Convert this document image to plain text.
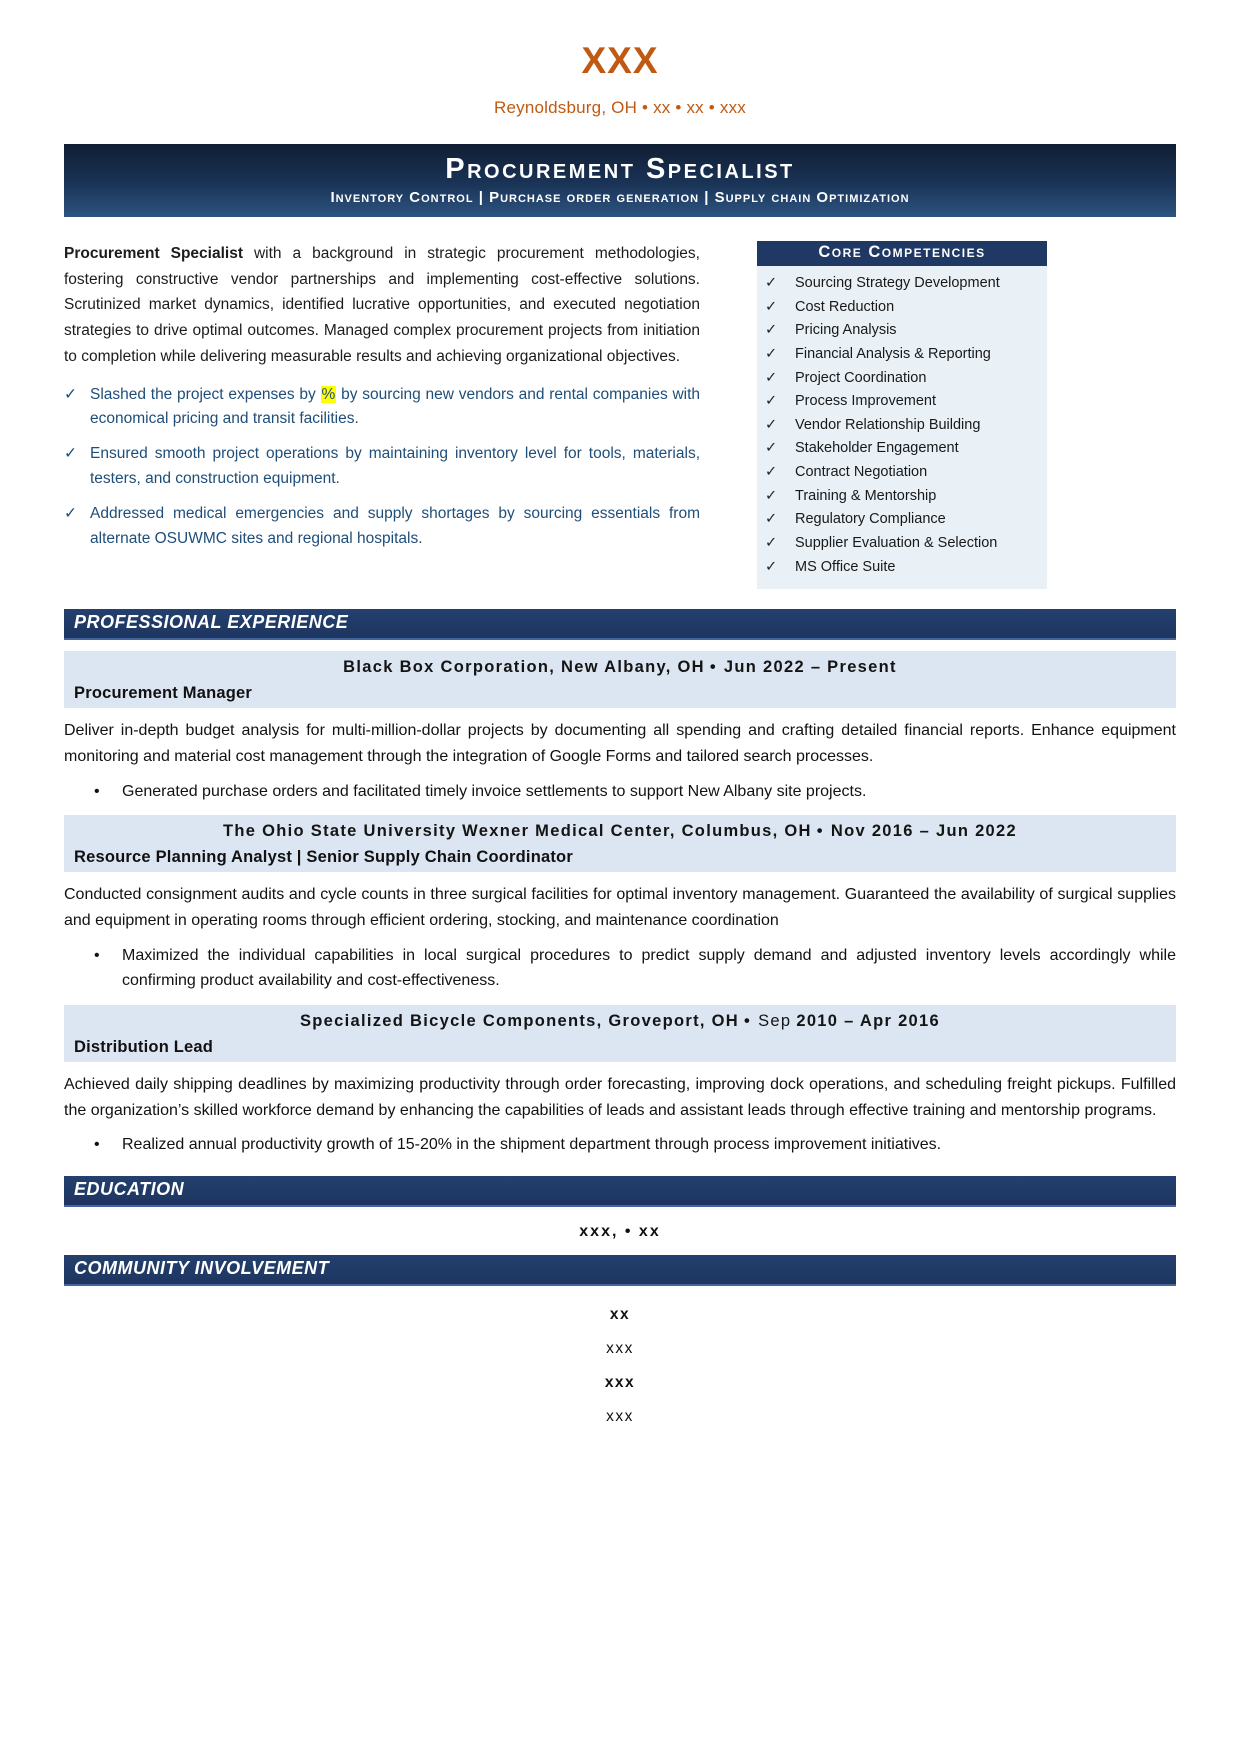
XXX
Reynoldsburg, OH • xx • xx • xxx
Procurement Specialist
Inventory Control | Purchase order generation | Supply chain Optimization

Procurement Specialist with a background in strategic procurement methodologies, fostering constructive vendor partnerships and implementing cost-effective solutions. Scrutinized market dynamics, identified lucrative opportunities, and executed negotiation strategies to drive optimal outcomes. Managed complex procurement projects from initiation to completion while delivering measurable results and achieving organizational objectives.

✓ Slashed the project expenses by % by sourcing new vendors and rental companies with economical pricing and transit facilities.
✓ Ensured smooth project operations by maintaining inventory level for tools, materials, testers, and construction equipment.
✓ Addressed medical emergencies and supply shortages by sourcing essentials from alternate OSUWMC sites and regional hospitals.
Core Competencies
✓	Sourcing Strategy Development
✓	Cost Reduction
✓	Pricing Analysis
✓	Financial Analysis & Reporting
✓	Project Coordination
✓	Process Improvement
✓	Vendor Relationship Building
✓	Stakeholder Engagement
✓	Contract Negotiation
✓	Training & Mentorship
✓	Regulatory Compliance
✓	Supplier Evaluation & Selection
✓	MS Office Suite
PROFESSIONAL EXPERIENCE
Black Box Corporation, New Albany, OH • Jun 2022 – Present
Procurement Manager

Deliver in-depth budget analysis for multi-million-dollar projects by documenting all spending and crafting detailed financial reports. Enhance equipment monitoring and material cost management through the integration of Google Forms and tailored search processes.

•	Generated purchase orders and facilitated timely invoice settlements to support New Albany site projects.
The Ohio State University Wexner Medical Center, Columbus, OH • Nov 2016 – Jun 2022
Resource Planning Analyst | Senior Supply Chain Coordinator

Conducted consignment audits and cycle counts in three surgical facilities for optimal inventory management. Guaranteed the availability of surgical supplies and equipment in operating rooms through efficient ordering, stocking, and maintenance coordination

•	Maximized the individual capabilities in local surgical procedures to predict supply demand and adjusted inventory levels accordingly while confirming product availability and cost-effectiveness.
Specialized Bicycle Components, Groveport, OH • Sep 2010 – Apr 2016
Distribution Lead

Achieved daily shipping deadlines by maximizing productivity through order forecasting, improving dock operations, and scheduling freight pickups. Fulfilled the organization’s skilled workforce demand by enhancing the capabilities of leads and assistant leads through effective training and mentorship programs.

•	Realized annual productivity growth of 15-20% in the shipment department through process improvement initiatives.
EDUCATION
xxx, • xx
COMMUNITY INVOLVEMENT
xx
xxx
xxx
xxx
